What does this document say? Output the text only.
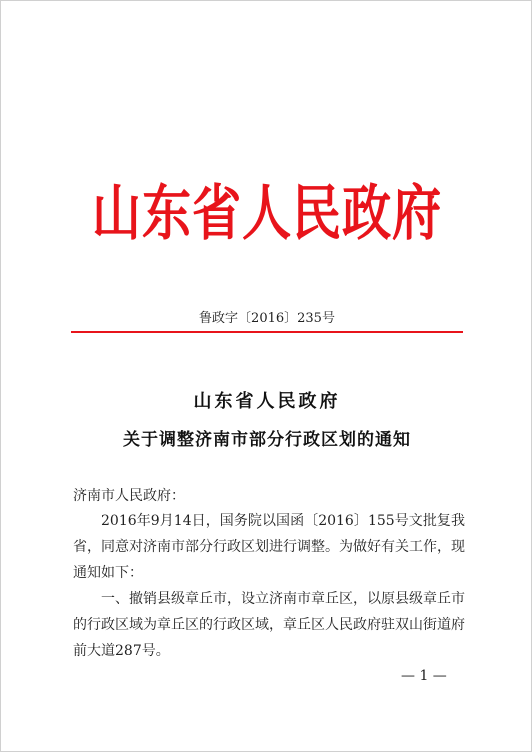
山东省人民政府
鲁政字〔2016〕235号
山东省人民政府
关于调整济南市部分行政区划的通知
济南市人民政府：

2016年9月14日，国务院以国函〔2016〕155号文批复我省，同意对济南市部分行政区划进行调整。为做好有关工作，现通知如下：

一、撤销县级章丘市，设立济南市章丘区，以原县级章丘市的行政区域为章丘区的行政区域，章丘区人民政府驻双山街道府前大道287号。

— 1 —
